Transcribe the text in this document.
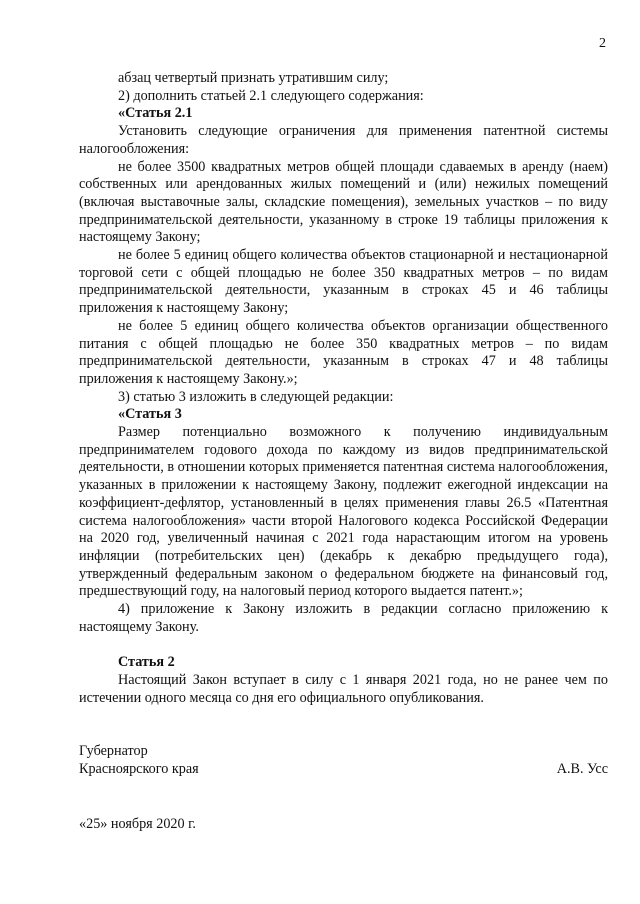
2

абзац четвертый признать утратившим силу;

2) дополнить статьей 2.1 следующего содержания:

«Статья 2.1

Установить следующие ограничения для применения патентной системы налогообложения:

не более 3500 квадратных метров общей площади сдаваемых в аренду (наем) собственных или арендованных жилых помещений и (или) нежилых помещений (включая выставочные залы, складские помещения), земельных участков – по виду предпринимательской деятельности, указанному в строке 19 таблицы приложения к настоящему Закону;

не более 5 единиц общего количества объектов стационарной и нестационарной торговой сети с общей площадью не более 350 квадратных метров – по видам предпринимательской деятельности, указанным в строках 45 и 46 таблицы приложения к настоящему Закону;

не более 5 единиц общего количества объектов организации общественного питания с общей площадью не более 350 квадратных метров – по видам предпринимательской деятельности, указанным в строках 47 и 48 таблицы приложения к настоящему Закону.»;

3) статью 3 изложить в следующей редакции:

«Статья 3

Размер потенциально возможного к получению индивидуальным предпринимателем годового дохода по каждому из видов предпринимательской деятельности, в отношении которых применяется патентная система налогообложения, указанных в приложении к настоящему Закону, подлежит ежегодной индексации на коэффициент-дефлятор, установленный в целях применения главы 26.5 «Патентная система налогообложения» части второй Налогового кодекса Российской Федерации на 2020 год, увеличенный начиная с 2021 года нарастающим итогом на уровень инфляции (потребительских цен) (декабрь к декабрю предыдущего года), утвержденный федеральным законом о федеральном бюджете на финансовый год, предшествующий году, на налоговый период которого выдается патент.»;

4) приложение к Закону изложить в редакции согласно приложению к настоящему Закону.

Статья 2

Настоящий Закон вступает в силу с 1 января 2021 года, но не ранее чем по истечении одного месяца со дня его официального опубликования.

Губернатор
Красноярского края	А.В. Усс
«25» ноября 2020 г.
